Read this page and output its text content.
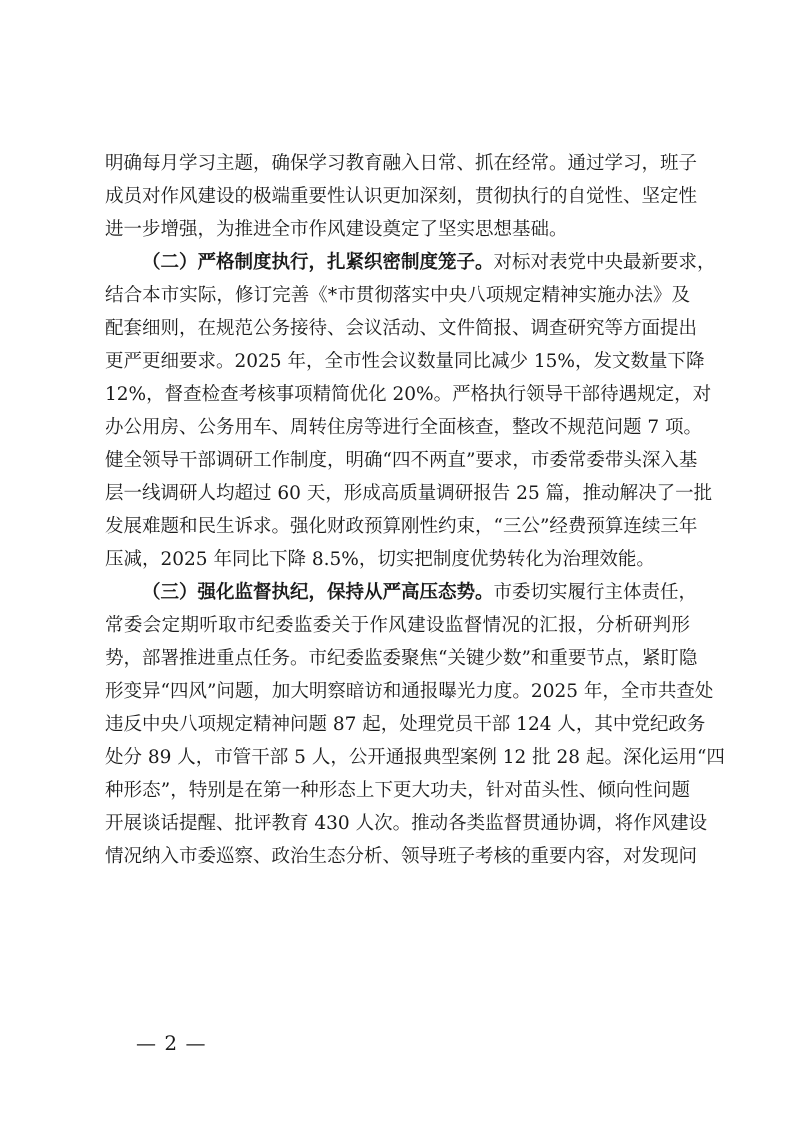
明确每月学习主题，确保学习教育融入日常、抓在经常。通过学习，班子
成员对作风建设的极端重要性认识更加深刻，贯彻执行的自觉性、坚定性
进一步增强，为推进全市作风建设奠定了坚实思想基础。
（二）严格制度执行，扎紧织密制度笼子。对标对表党中央最新要求，
结合本市实际，修订完善《*市贯彻落实中央八项规定精神实施办法》及
配套细则，在规范公务接待、会议活动、文件简报、调查研究等方面提出
更严更细要求。2025 年，全市性会议数量同比减少 15%，发文数量下降
12%，督查检查考核事项精简优化 20%。严格执行领导干部待遇规定，对
办公用房、公务用车、周转住房等进行全面核查，整改不规范问题 7 项。
健全领导干部调研工作制度，明确“四不两直”要求，市委常委带头深入基
层一线调研人均超过 60 天，形成高质量调研报告 25 篇，推动解决了一批
发展难题和民生诉求。强化财政预算刚性约束，“三公”经费预算连续三年
压减，2025 年同比下降 8.5%，切实把制度优势转化为治理效能。
（三）强化监督执纪，保持从严高压态势。市委切实履行主体责任，
常委会定期听取市纪委监委关于作风建设监督情况的汇报，分析研判形
势，部署推进重点任务。市纪委监委聚焦“关键少数”和重要节点，紧盯隐
形变异“四风”问题，加大明察暗访和通报曝光力度。2025 年，全市共查处
违反中央八项规定精神问题 87 起，处理党员干部 124 人，其中党纪政务
处分 89 人，市管干部 5 人，公开通报典型案例 12 批 28 起。深化运用“四
种形态”，特别是在第一种形态上下更大功夫，针对苗头性、倾向性问题
开展谈话提醒、批评教育 430 人次。推动各类监督贯通协调，将作风建设
情况纳入市委巡察、政治生态分析、领导班子考核的重要内容，对发现问
— 2 —
